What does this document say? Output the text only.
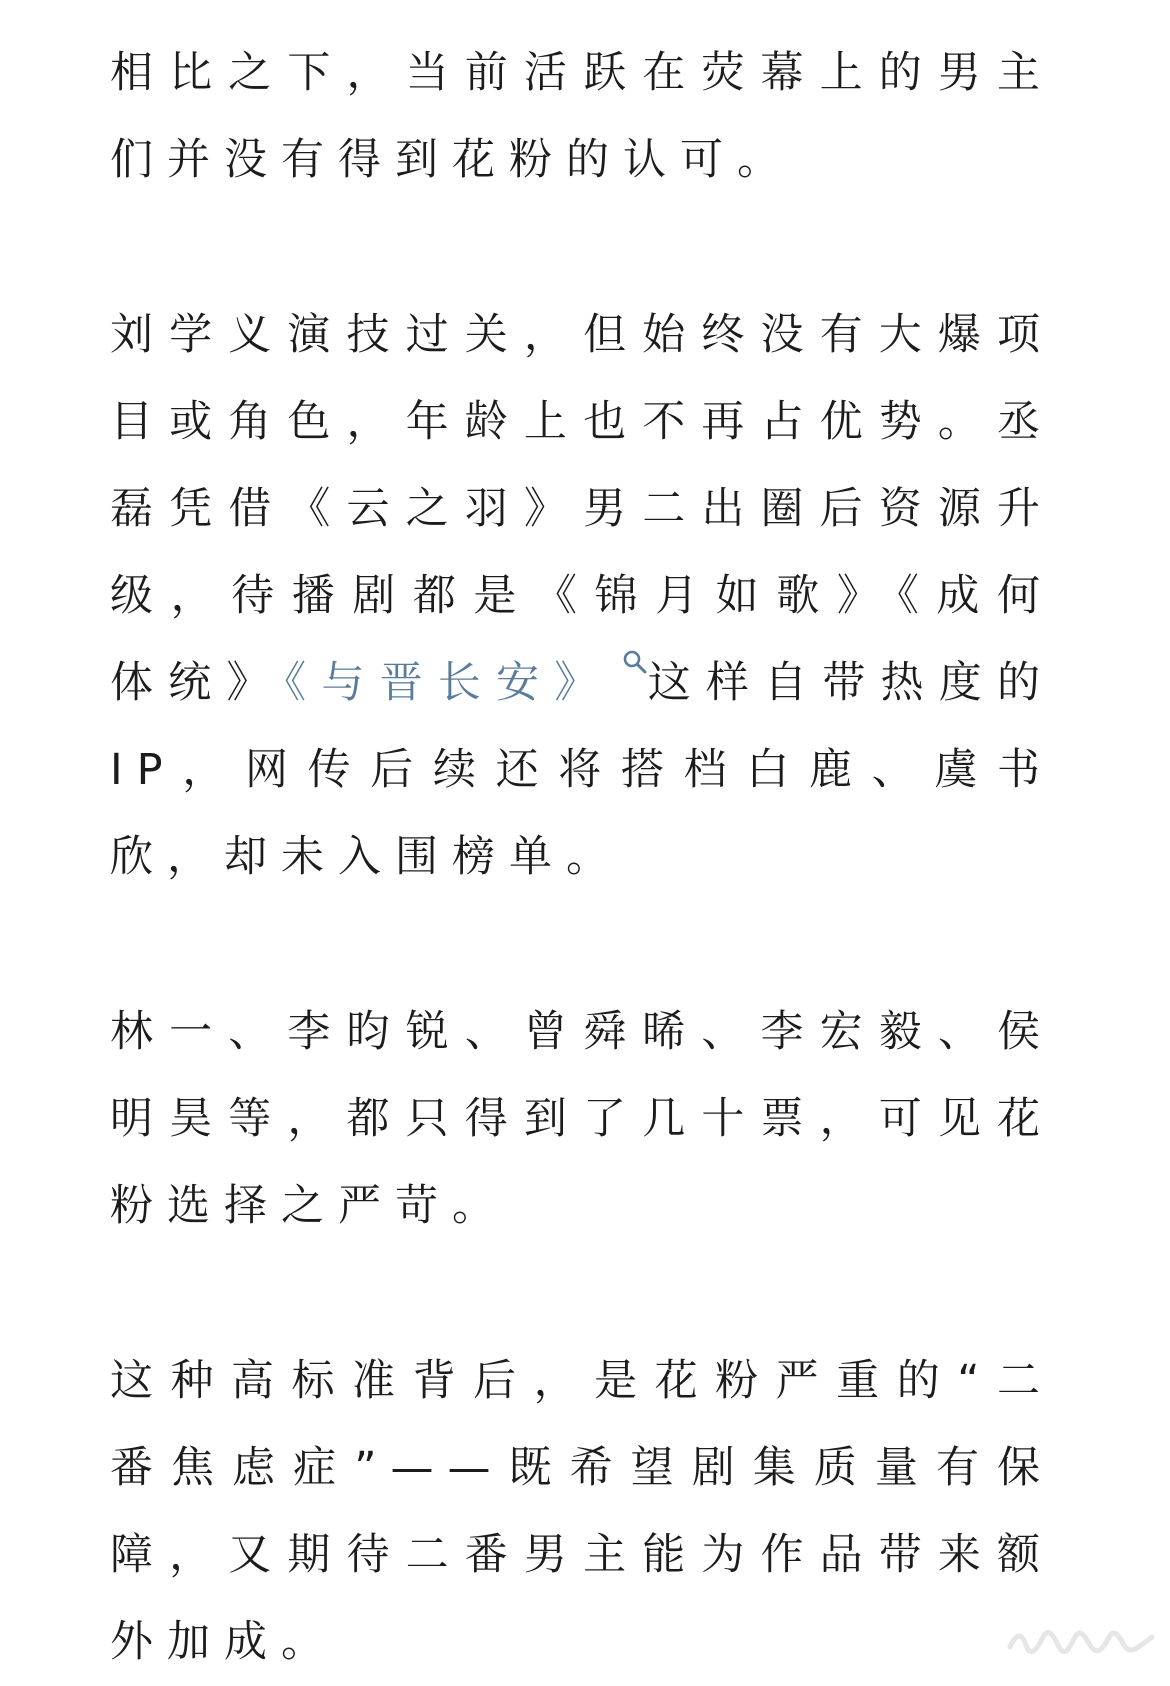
相比之下，当前活跃在荧幕上的男主们并没有得到花粉的认可。

刘学义演技过关，但始终没有大爆项目或角色，年龄上也不再占优势。丞磊凭借《云之羽》男二出圈后资源升级，待播剧都是《锦月如歌》《成何体统》《与晋长安》 这样自带热度的IP，网传后续还将搭档白鹿、虞书欣，却未入围榜单。

林一、李昀锐、曾舜晞、李宏毅、侯明昊等，都只得到了几十票，可见花粉选择之严苛。

这种高标准背后，是花粉严重的“二番焦虑症”——既希望剧集质量有保障，又期待二番男主能为作品带来额外加成。
